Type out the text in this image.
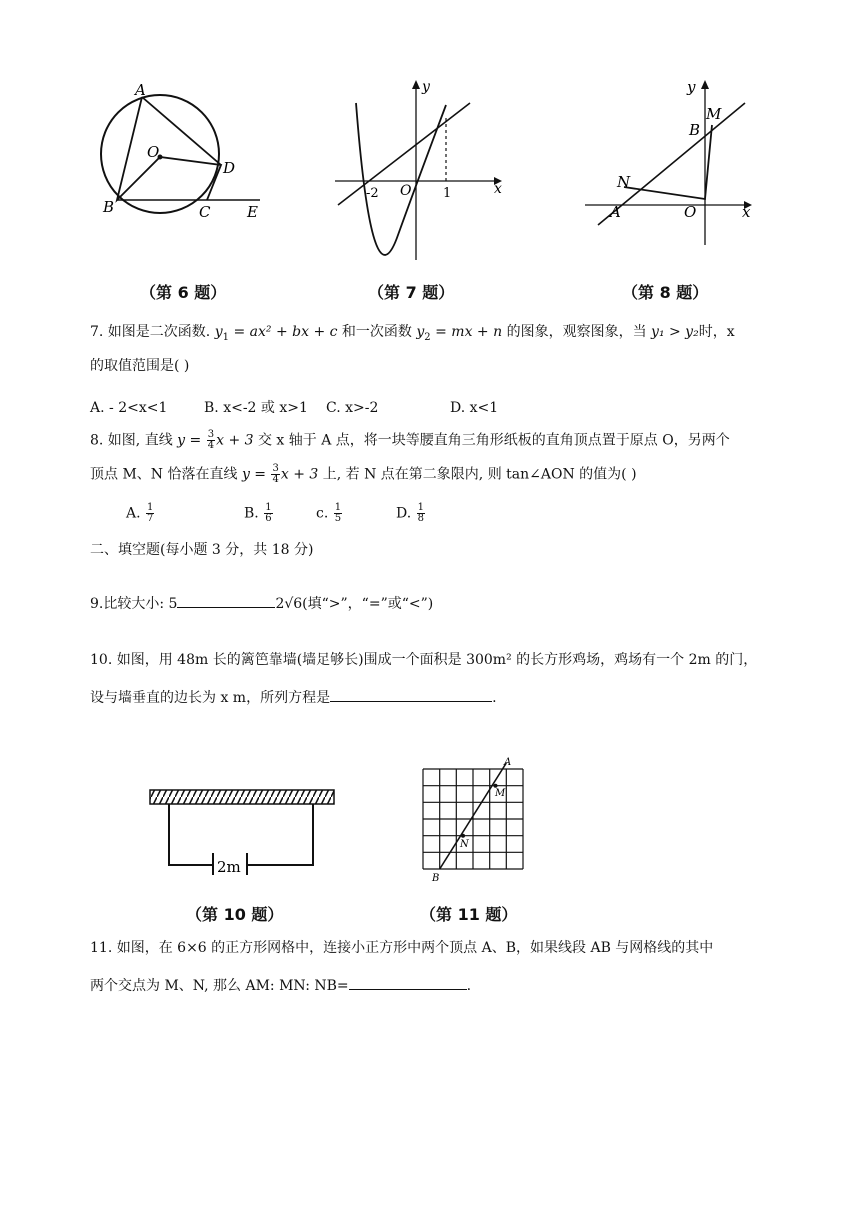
A
O
D
B	C E
（第 6 题）
y
x
O
-2	1
（第 7 题）
y
x
M
B
N
A	O
（第 8 题）
7. 如图是二次函数. $y_1 = ax^2$ + bx + c 和一次函数 $y_2$ = mx + n 的图象，观察图象，当 y₁ > y₂时，x
的取值范围是( )
A. - 2<x<1	B. x<-2 或 x>1 C. x>-2	D. x<1
8. 如图, 直线 $y = \frac{3}{4}$ x + 3 交 x 轴于 A 点，将一块等腰直角三角形纸板的直角顶点置于原点 O，另两个
顶点 M、N 恰落在直线 $y = \frac{3}{4}$ x + 3 上, 若 N 点在第二象限内, 则 tan∠AON 的值为( )
A. $\frac{1}{7}$	B. $\frac{1}{6}$	c. $\frac{1}{5}$	D. $\frac{1}{8}$
二、填空题(每小题 3 分，共 18 分)
9.比较大小: 5	2√6(填“>”，“=”或“<”)
10. 如图，用 48m 长的篱笆靠墙(墙足够长)围成一个面积是 300m² 的长方形鸡场，鸡场有一个 2m 的门，
设与墙垂直的边长为 x m，所列方程是	.
2m
（第 10 题）
A
M
N
B
（第 11 题）
11. 如图，在 6×6 的正方形网格中，连接小正方形中两个顶点 A、B，如果线段 AB 与网格线的其中
两个交点为 M、N, 那么 AM: MN: NB=	.
